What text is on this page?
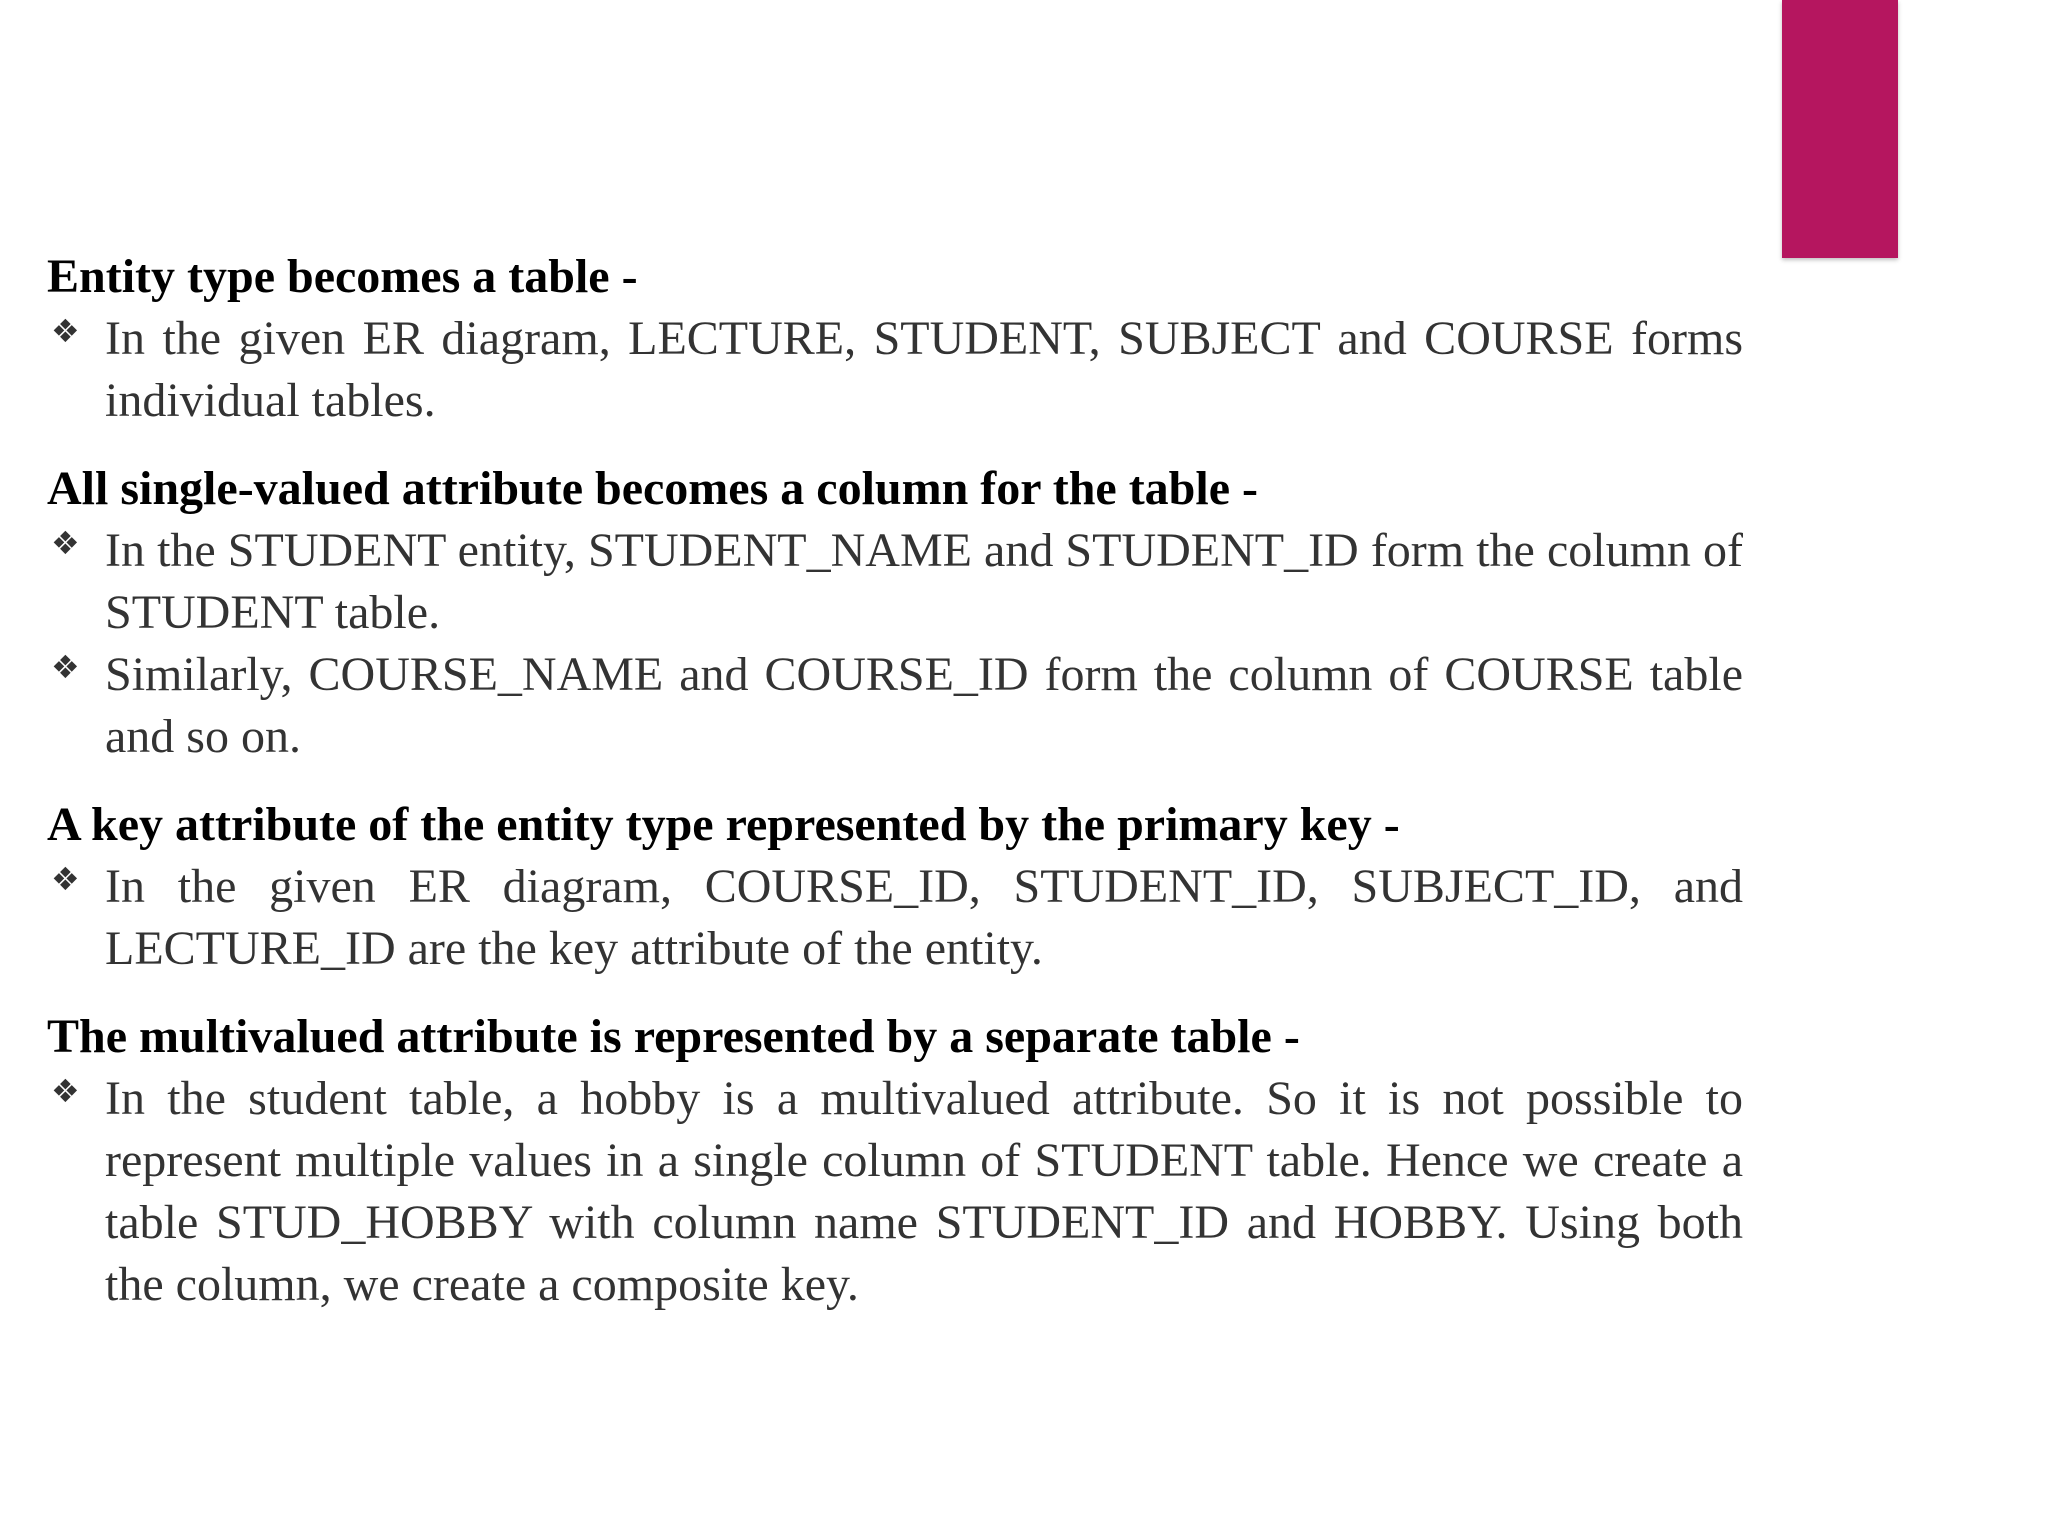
Entity type becomes a table -

❖ In the given ER diagram, LECTURE, STUDENT, SUBJECT and COURSE forms individual tables.

All single-valued attribute becomes a column for the table -

❖ In the STUDENT entity, STUDENT_NAME and STUDENT_ID form the column of STUDENT table.
❖ Similarly, COURSE_NAME and COURSE_ID form the column of COURSE table and so on.

A key attribute of the entity type represented by the primary key -

❖ In the given ER diagram, COURSE_ID, STUDENT_ID, SUBJECT_ID, and LECTURE_ID are the key attribute of the entity.

The multivalued attribute is represented by a separate table -

❖ In the student table, a hobby is a multivalued attribute. So it is not possible to represent multiple values in a single column of STUDENT table. Hence we create a table STUD_HOBBY with column name STUDENT_ID and HOBBY. Using both the column, we create a composite key.
